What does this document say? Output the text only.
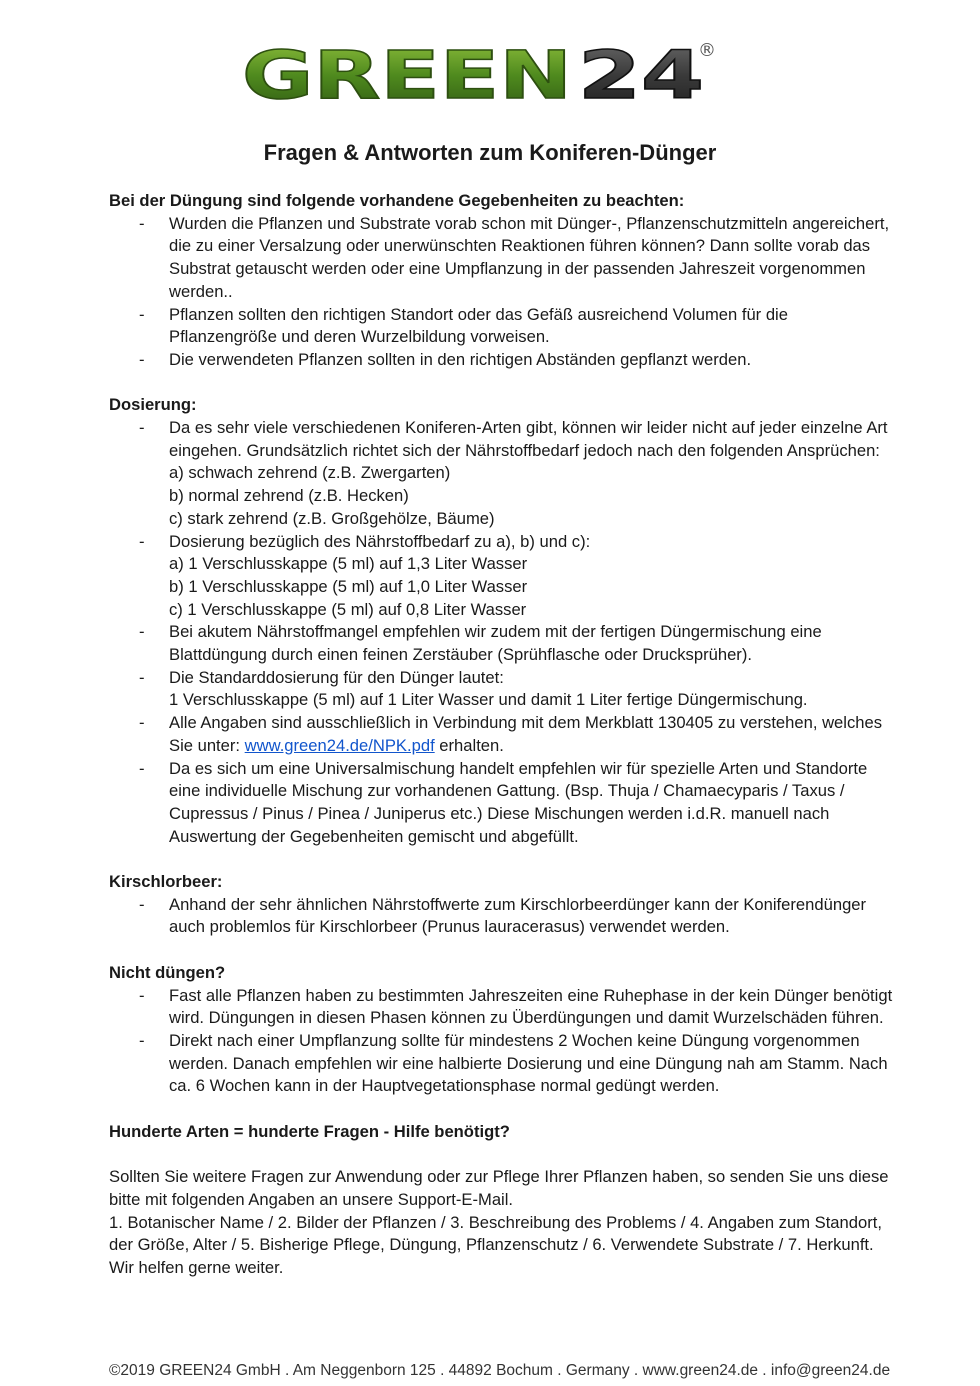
GREEN 24
®
Fragen & Antworten zum Koniferen-Dünger

Bei der Düngung sind folgende vorhandene Gegebenheiten zu beachten:

- Wurden die Pflanzen und Substrate vorab schon mit Dünger-, Pflanzenschutzmitteln angereichert, die zu einer Versalzung oder unerwünschten Reaktionen führen können? Dann sollte vorab das Substrat getauscht werden oder eine Umpflanzung in der passenden Jahreszeit vorgenommen werden..
- Pflanzen sollten den richtigen Standort oder das Gefäß ausreichend Volumen für die Pflanzengröße und deren Wurzelbildung vorweisen.
- Die verwendeten Pflanzen sollten in den richtigen Abständen gepflanzt werden.

Dosierung:

- Da es sehr viele verschiedenen Koniferen-Arten gibt, können wir leider nicht auf jeder einzelne Art eingehen. Grundsätzlich richtet sich der Nährstoffbedarf jedoch nach den folgenden Ansprüchen:
a) schwach zehrend (z.B. Zwergarten)
b) normal zehrend (z.B. Hecken)
c) stark zehrend (z.B. Großgehölze, Bäume)
- Dosierung bezüglich des Nährstoffbedarf zu a), b) und c):
a) 1 Verschlusskappe (5 ml) auf 1,3 Liter Wasser
b) 1 Verschlusskappe (5 ml) auf 1,0 Liter Wasser
c) 1 Verschlusskappe (5 ml) auf 0,8 Liter Wasser
- Bei akutem Nährstoffmangel empfehlen wir zudem mit der fertigen Düngermischung eine Blattdüngung durch einen feinen Zerstäuber (Sprühflasche oder Drucksprüher).
- Die Standarddosierung für den Dünger lautet:
1 Verschlusskappe (5 ml) auf 1 Liter Wasser und damit 1 Liter fertige Düngermischung.
- Alle Angaben sind ausschließlich in Verbindung mit dem Merkblatt 130405 zu verstehen, welches Sie unter: www.green24.de/NPK.pdf erhalten.
- Da es sich um eine Universalmischung handelt empfehlen wir für spezielle Arten und Standorte eine individuelle Mischung zur vorhandenen Gattung. (Bsp. Thuja / Chamaecyparis / Taxus / Cupressus / Pinus / Pinea / Juniperus etc.) Diese Mischungen werden i.d.R. manuell nach Auswertung der Gegebenheiten gemischt und abgefüllt.

Kirschlorbeer:

- Anhand der sehr ähnlichen Nährstoffwerte zum Kirschlorbeerdünger kann der Koniferendünger auch problemlos für Kirschlorbeer (Prunus lauracerasus) verwendet werden.

Nicht düngen?

- Fast alle Pflanzen haben zu bestimmten Jahreszeiten eine Ruhephase in der kein Dünger benötigt wird. Düngungen in diesen Phasen können zu Überdüngungen und damit Wurzelschäden führen.
- Direkt nach einer Umpflanzung sollte für mindestens 2 Wochen keine Düngung vorgenommen werden. Danach empfehlen wir eine halbierte Dosierung und eine Düngung nah am Stamm. Nach ca. 6 Wochen kann in der Hauptvegetationsphase normal gedüngt werden.

Hunderte Arten = hunderte Fragen - Hilfe benötigt?

Sollten Sie weitere Fragen zur Anwendung oder zur Pflege Ihrer Pflanzen haben, so senden Sie uns diese bitte mit folgenden Angaben an unsere Support-E-Mail.

1. Botanischer Name / 2. Bilder der Pflanzen / 3. Beschreibung des Problems / 4. Angaben zum Standort, der Größe, Alter / 5. Bisherige Pflege, Düngung, Pflanzenschutz / 6. Verwendete Substrate / 7. Herkunft.

Wir helfen gerne weiter.

©2019 GREEN24 GmbH . Am Neggenborn 125 . 44892 Bochum . Germany . www.green24.de . info@green24.de
